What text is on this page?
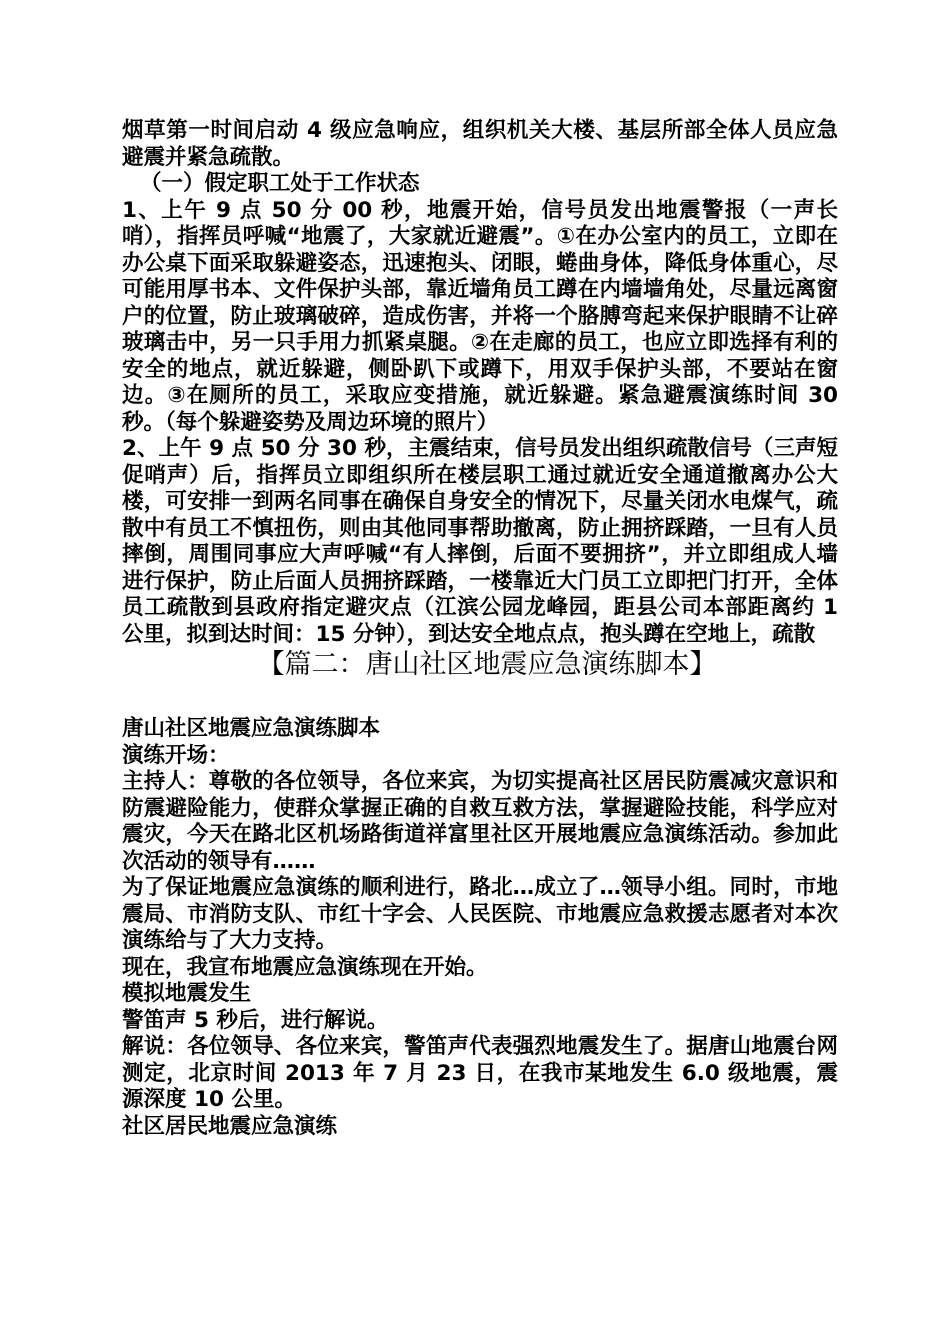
烟草第一时间启动 4 级应急响应，组织机关大楼、基层所部全体人员应急避震并紧急疏散。

（一）假定职工处于工作状态

1、上午 9 点 50 分 00 秒，地震开始，信号员发出地震警报（一声长哨），指挥员呼喊“地震了，大家就近避震”。①在办公室内的员工，立即在办公桌下面采取躲避姿态，迅速抱头、闭眼，蜷曲身体，降低身体重心，尽可能用厚书本、文件保护头部，靠近墙角员工蹲在内墙墙角处，尽量远离窗户的位置，防止玻璃破碎，造成伤害，并将一个胳膊弯起来保护眼睛不让碎玻璃击中，另一只手用力抓紧桌腿。②在走廊的员工，也应立即选择有利的安全的地点，就近躲避，侧卧趴下或蹲下，用双手保护头部，不要站在窗边。③在厕所的员工，采取应变措施，就近躲避。紧急避震演练时间 30 秒。（每个躲避姿势及周边环境的照片）

2、上午 9 点 50 分 30 秒，主震结束，信号员发出组织疏散信号（三声短促哨声）后，指挥员立即组织所在楼层职工通过就近安全通道撤离办公大楼，可安排一到两名同事在确保自身安全的情况下，尽量关闭水电煤气，疏散中有员工不慎扭伤，则由其他同事帮助撤离，防止拥挤踩踏，一旦有人员摔倒，周围同事应大声呼喊“有人摔倒，后面不要拥挤”，并立即组成人墙进行保护，防止后面人员拥挤踩踏，一楼靠近大门员工立即把门打开，全体员工疏散到县政府指定避灾点（江滨公园龙峰园，距县公司本部距离约 1 公里，拟到达时间：15 分钟），到达安全地点点，抱头蹲在空地上，疏散

【篇二：唐山社区地震应急演练脚本】

唐山社区地震应急演练脚本

演练开场：

主持人：尊敬的各位领导，各位来宾，为切实提高社区居民防震减灾意识和防震避险能力，使群众掌握正确的自救互救方法，掌握避险技能，科学应对震灾，今天在路北区机场路街道祥富里社区开展地震应急演练活动。参加此次活动的领导有……

为了保证地震应急演练的顺利进行，路北…成立了…领导小组。同时，市地震局、市消防支队、市红十字会、人民医院、市地震应急救援志愿者对本次演练给与了大力支持。

现在，我宣布地震应急演练现在开始。

模拟地震发生

警笛声 5 秒后，进行解说。

解说：各位领导、各位来宾，警笛声代表强烈地震发生了。据唐山地震台网测定，北京时间 2013 年 7 月 23 日，在我市某地发生 6.0 级地震，震源深度 10 公里。

社区居民地震应急演练
